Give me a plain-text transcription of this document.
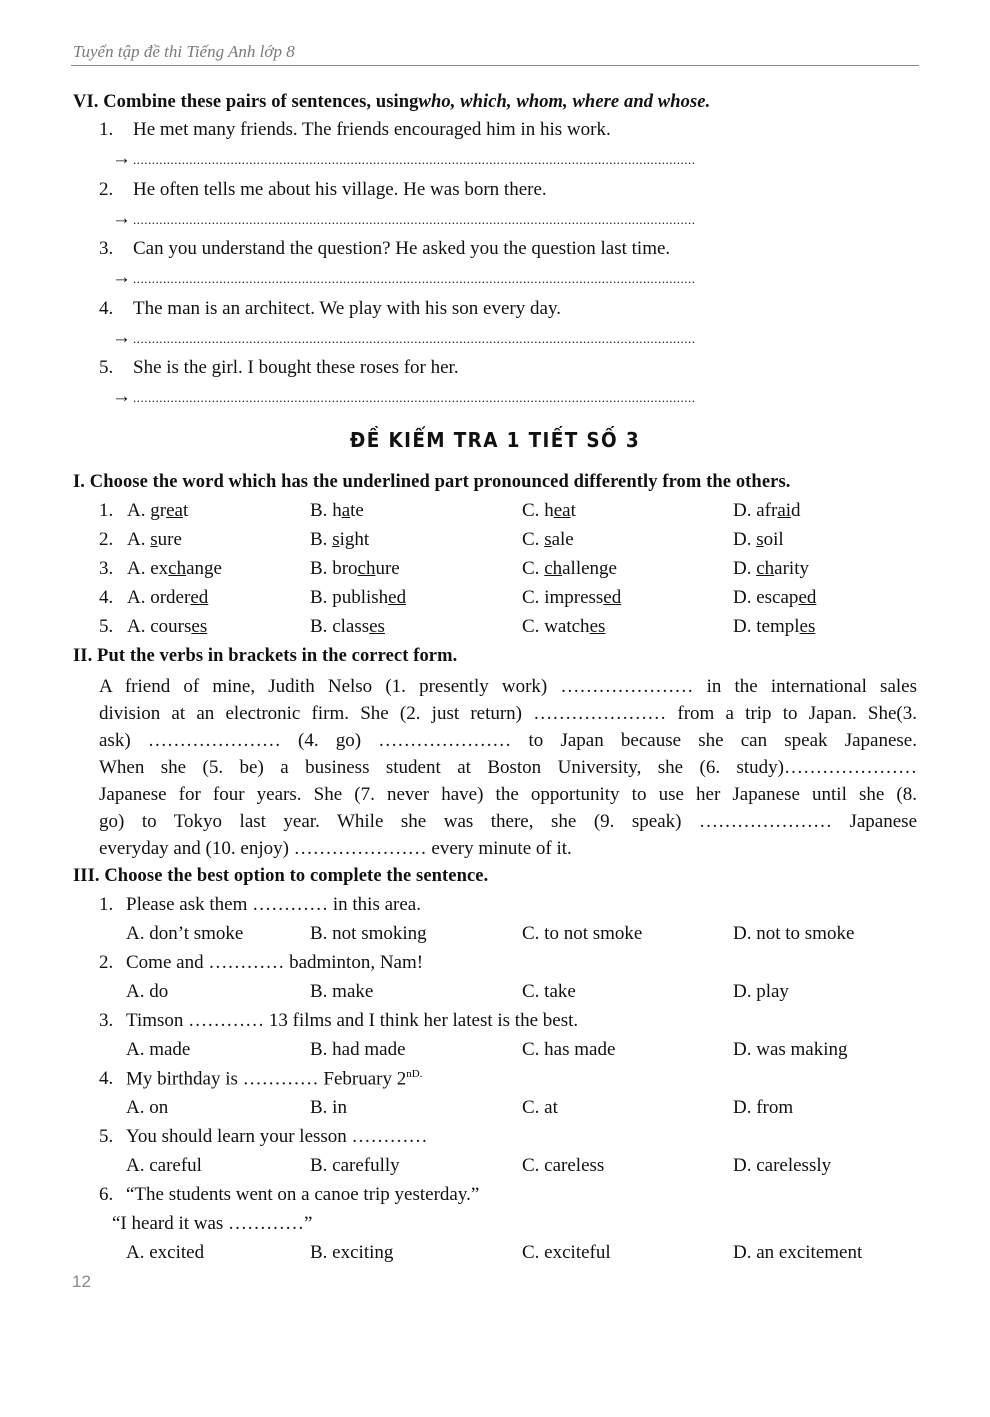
Tuyển tập đề thi Tiếng Anh lớp 8
VI. Combine these pairs of sentences, usingwho, which, whom, where and whose.
1. He met many friends. The friends encouraged him in his work.
→ ......................................................................................................................................................
2. He often tells me about his village. He was born there.
→ ......................................................................................................................................................
3. Can you understand the question? He asked you the question last time.
→ ......................................................................................................................................................
4. The man is an architect. We play with his son every day.
→ ......................................................................................................................................................
5. She is the girl. I bought these roses for her.
→ ......................................................................................................................................................
ĐỀ KIỂM TRA 1 TIẾT SỐ 3
I. Choose the word which has the underlined part pronounced differently from the others.
1. A. great	B. hate	C. heat	D. afraid
2. A. sure	B. sight	C. sale	D. soil
3. A. exchange	B. brochure	C. challenge	D. charity
4. A. ordered	B. published	C. impressed	D. escaped
5. A. courses	B. classes	C. watches	D. temples
II. Put the verbs in brackets in the correct form.

A friend of mine, Judith Nelso (1. presently work) ………………… in the international sales

division at an electronic firm. She (2. just return) ………………… from a trip to Japan. She(3.

ask) ………………… (4. go) ………………… to Japan because she can speak Japanese.

When she (5. be) a business student at Boston University, she (6. study)…………………

Japanese for four years. She (7. never have) the opportunity to use her Japanese until she (8.

go) to Tokyo last year. While she was there, she (9. speak) ………………… Japanese

everyday and (10. enjoy) ………………… every minute of it.

III. Choose the best option to complete the sentence.
1. Please ask them ………… in this area.
A. don’t smoke	B. not smoking	C. to not smoke	D. not to smoke
2. Come and ………… badminton, Nam!
A. do	B. make	C. take	D. play
3. Timson ………… 13 films and I think her latest is the best.
A. made	B. had made	C. has made	D. was making
4. My birthday is ………… February $2^{nD.}$
A. on	B. in	C. at	D. from
5. You should learn your lesson …………
A. careful	B. carefully	C. careless	D. carelessly
6. “The students went on a canoe trip yesterday.”
“I heard it was …………”
A. excited	B. exciting	C. exciteful	D. an excitement
12
